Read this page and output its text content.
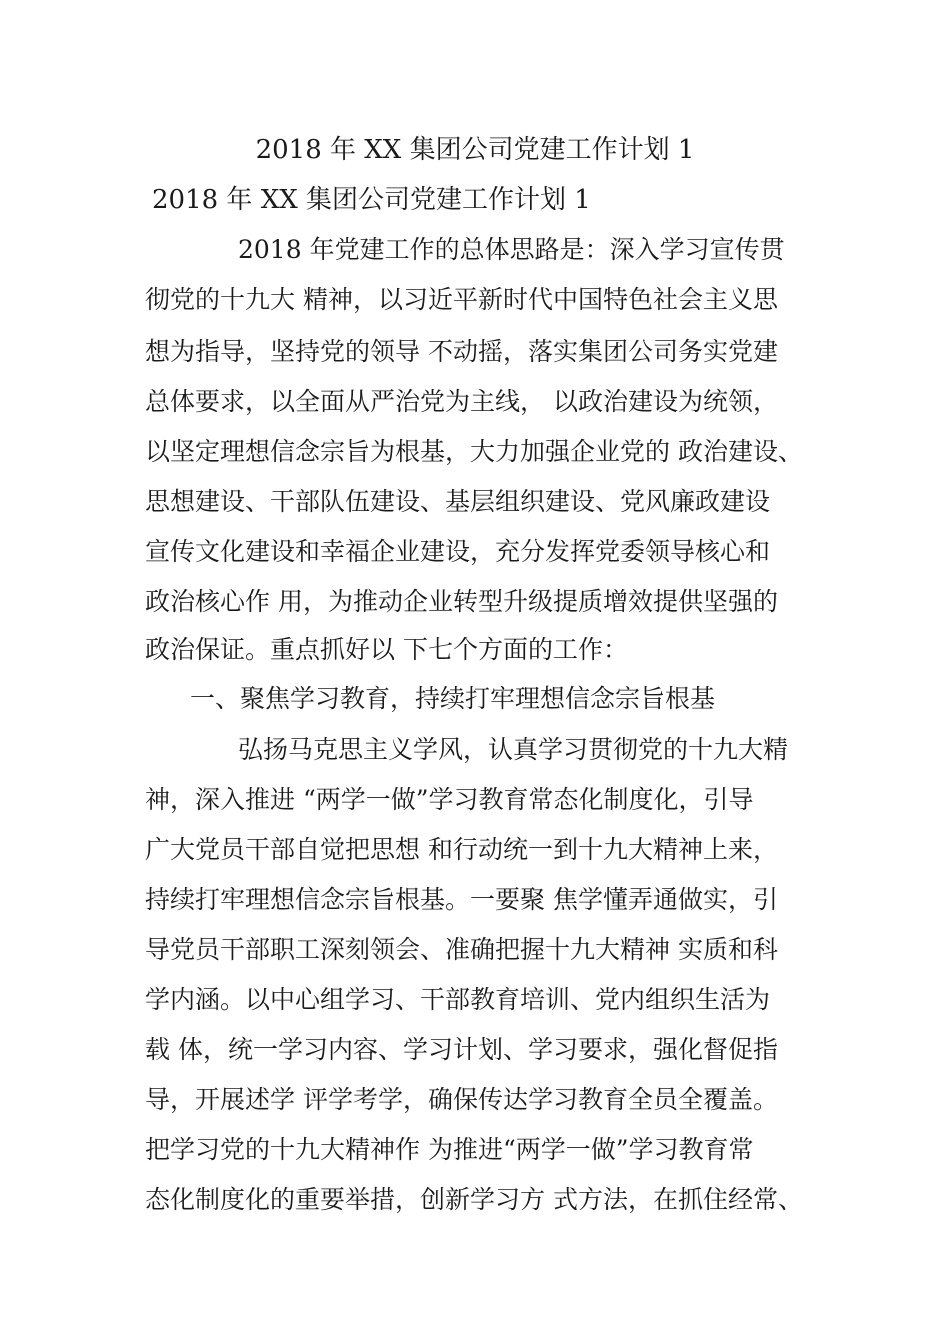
2018 年 XX 集团公司党建工作计划 1
2018 年 XX 集团公司党建工作计划 1
2018 年党建工作的总体思路是：深入学习宣传贯
彻党的十九大 精神，以习近平新时代中国特色社会主义思
想为指导，坚持党的领导 不动摇，落实集团公司务实党建
总体要求，以全面从严治党为主线， 以政治建设为统领，
以坚定理想信念宗旨为根基，大力加强企业党的 政治建设、
思想建设、干部队伍建设、基层组织建设、党风廉政建设
宣传文化建设和幸福企业建设，充分发挥党委领导核心和
政治核心作 用，为推动企业转型升级提质增效提供坚强的
政治保证。重点抓好以 下七个方面的工作：
一、聚焦学习教育，持续打牢理想信念宗旨根基
弘扬马克思主义学风，认真学习贯彻党的十九大精
神，深入推进 “两学一做”学习教育常态化制度化，引导
广大党员干部自觉把思想 和行动统一到十九大精神上来，
持续打牢理想信念宗旨根基。一要聚 焦学懂弄通做实，引
导党员干部职工深刻领会、准确把握十九大精神 实质和科
学内涵。以中心组学习、干部教育培训、党内组织生活为
载 体，统一学习内容、学习计划、学习要求，强化督促指
导，开展述学 评学考学，确保传达学习教育全员全覆盖。
把学习党的十九大精神作 为推进“两学一做”学习教育常
态化制度化的重要举措，创新学习方 式方法，在抓住经常、
